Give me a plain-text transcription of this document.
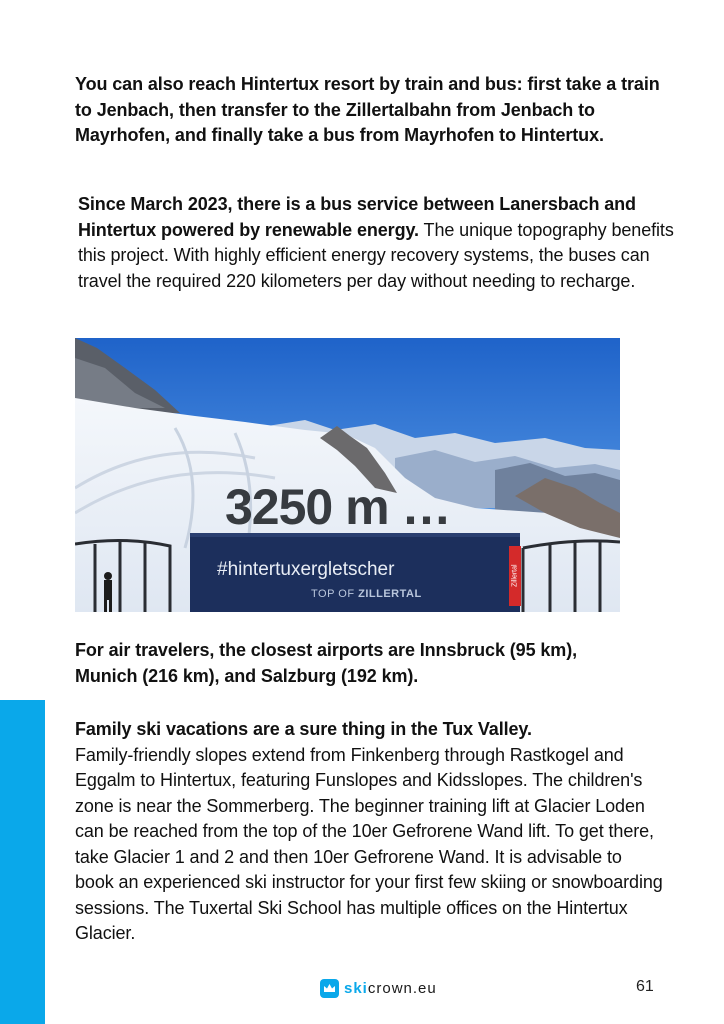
You can also reach Hintertux resort by train and bus: first take a train to Jenbach, then transfer to the Zillertalbahn from Jenbach to Mayrhofen, and finally take a bus from Mayrhofen to Hintertux.

Since March 2023, there is a bus service between Lanersbach and Hintertux powered by renewable energy. The unique topography benefits this project. With highly efficient energy recovery systems, the buses can travel the required 220 kilometers per day without needing to recharge.

3250 m …
#hintertuxergletscher
TOP OF ZILLERTAL
Zillertal

For air travelers, the closest airports are Innsbruck (95 km), Munich (216 km), and Salzburg (192 km).

Family ski vacations are a sure thing in the Tux Valley.
Family-friendly slopes extend from Finkenberg through Rastkogel and Eggalm to Hintertux, featuring Funslopes and Kidsslopes. The children's zone is near the Sommerberg. The beginner training lift at Glacier Loden can be reached from the top of the 10er Gefrorene Wand lift. To get there, take Glacier 1 and 2 and then 10er Gefrorene Wand. It is advisable to book an experienced ski instructor for your first few skiing or snowboarding sessions. The Tuxertal Ski School has multiple offices on the Hintertux Glacier.

skicrown.eu	61
